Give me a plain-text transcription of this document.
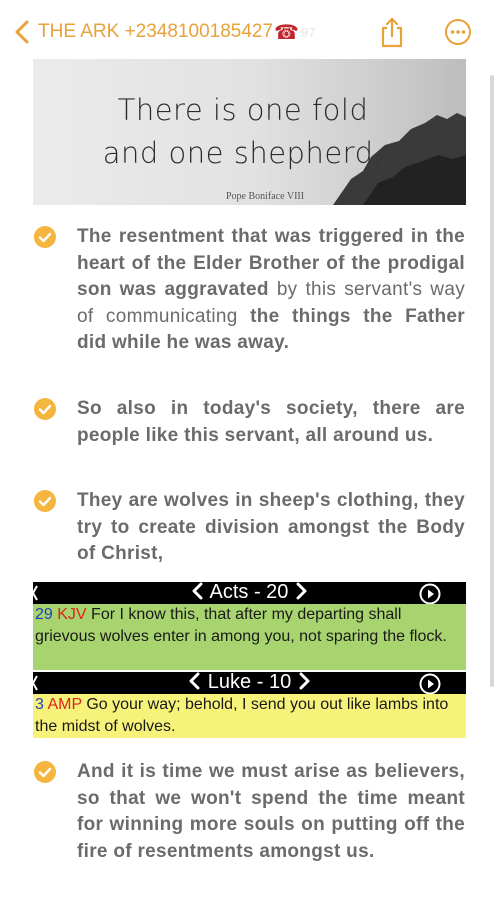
THE ARK +2348100185427 ☎ 97
There is one fold
and one shepherd.
Pope Boniface VIII
The resentment that was triggered in the heart of the Elder Brother of the prodigal son was aggravated by this servant's way of communicating the things the Father did while he was away.
So also in today's society, there are people like this servant, all around us.
They are wolves in sheep's clothing, they try to create division amongst the Body of Christ,
Acts - 20
29 KJV For I know this, that after my departing shall grievous wolves enter in among you, not sparing the flock.
Luke - 10
3 AMP Go your way; behold, I send you out like lambs into the midst of wolves.
And it is time we must arise as believers, so that we won't spend the time meant for winning more souls on putting off the fire of resentments amongst us.
